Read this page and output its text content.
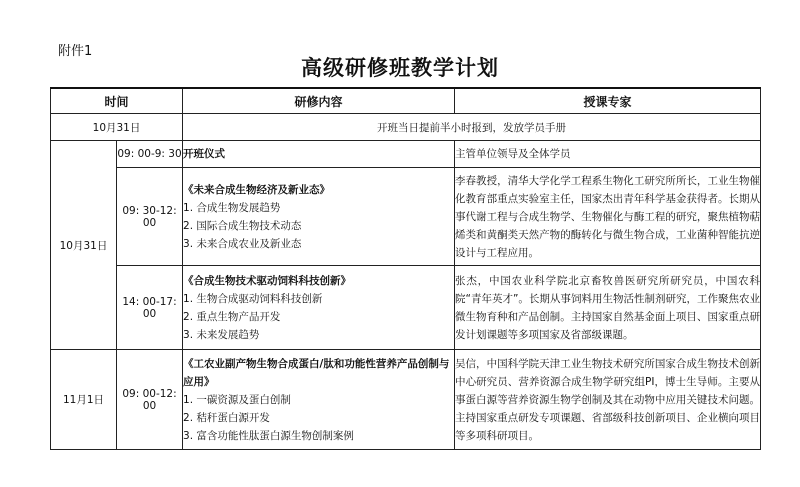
附件1
高级研修班教学计划
时间		研修内容	授课专家
10月31日		开班当日提前半小时报到，发放学员手册	
10月31日	09: 00-9: 30	开班仪式	主管单位领导及全体学员
	09: 30-12: 00	《未来合成生物经济及新业态》
1. 合成生物发展趋势
2. 国际合成生物技术动态
3. 未来合成农业及新业态	李春教授，清华大学化学工程系生物化工研究所所长，工业生物催化教育部重点实验室主任，国家杰出青年科学基金获得者。长期从事代谢工程与合成生物学、生物催化与酶工程的研究，聚焦植物萜烯类和黄酮类天然产物的酶转化与微生物合成，工业菌种智能抗逆设计与工程应用。
	14: 00-17: 00	《合成生物技术驱动饲料科技创新》
1. 生物合成驱动饲料科技创新
2. 重点生物产品开发
3. 未来发展趋势	张杰，中国农业科学院北京畜牧兽医研究所研究员，中国农科院“青年英才”。长期从事饲料用生物活性制剂研究，工作聚焦农业微生物育种和产品创制。主持国家自然基金面上项目、国家重点研发计划课题等多项国家及省部级课题。
11月1日	09: 00-12: 00	《工农业副产物生物合成蛋白/肽和功能性营养产品创制与应用》
1. 一碳资源及蛋白创制
2. 秸秆蛋白源开发
3. 富含功能性肽蛋白源生物创制案例	吴信，中国科学院天津工业生物技术研究所国家合成生物技术创新中心研究员、营养资源合成生物学研究组PI，博士生导师。主要从事蛋白源等营养资源生物学创制及其在动物中应用关键技术问题。主持国家重点研发专项课题、省部级科技创新项目、企业横向项目等多项科研项目。
